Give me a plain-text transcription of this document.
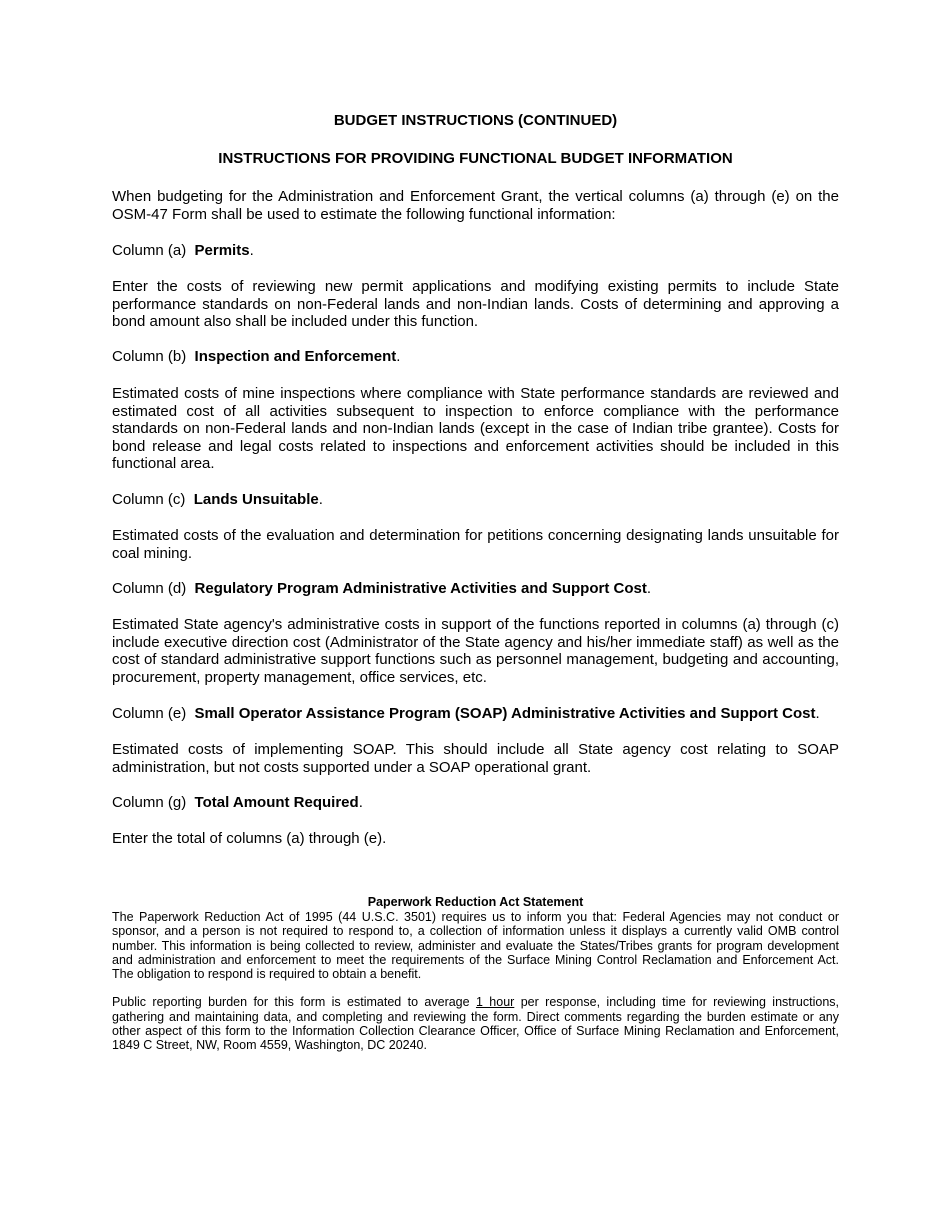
BUDGET INSTRUCTIONS (CONTINUED)

INSTRUCTIONS FOR PROVIDING FUNCTIONAL BUDGET INFORMATION

When budgeting for the Administration and Enforcement Grant, the vertical columns (a) through (e) on the OSM-47 Form shall be used to estimate the following functional information:

Column (a) Permits.

Enter the costs of reviewing new permit applications and modifying existing permits to include State performance standards on non-Federal lands and non-Indian lands. Costs of determining and approving a bond amount also shall be included under this function.

Column (b) Inspection and Enforcement.

Estimated costs of mine inspections where compliance with State performance standards are reviewed and estimated cost of all activities subsequent to inspection to enforce compliance with the performance standards on non-Federal lands and non-Indian lands (except in the case of Indian tribe grantee). Costs for bond release and legal costs related to inspections and enforcement activities should be included in this functional area.

Column (c) Lands Unsuitable.

Estimated costs of the evaluation and determination for petitions concerning designating lands unsuitable for coal mining.

Column (d) Regulatory Program Administrative Activities and Support Cost.

Estimated State agency's administrative costs in support of the functions reported in columns (a) through (c) include executive direction cost (Administrator of the State agency and his/her immediate staff) as well as the cost of standard administrative support functions such as personnel management, budgeting and accounting, procurement, property management, office services, etc.

Column (e) Small Operator Assistance Program (SOAP) Administrative Activities and Support Cost.

Estimated costs of implementing SOAP. This should include all State agency cost relating to SOAP administration, but not costs supported under a SOAP operational grant.

Column (g) Total Amount Required.

Enter the total of columns (a) through (e).

Paperwork Reduction Act Statement

The Paperwork Reduction Act of 1995 (44 U.S.C. 3501) requires us to inform you that: Federal Agencies may not conduct or sponsor, and a person is not required to respond to, a collection of information unless it displays a currently valid OMB control number. This information is being collected to review, administer and evaluate the States/Tribes grants for program development and administration and enforcement to meet the requirements of the Surface Mining Control Reclamation and Enforcement Act. The obligation to respond is required to obtain a benefit.

Public reporting burden for this form is estimated to average 1 hour per response, including time for reviewing instructions, gathering and maintaining data, and completing and reviewing the form. Direct comments regarding the burden estimate or any other aspect of this form to the Information Collection Clearance Officer, Office of Surface Mining Reclamation and Enforcement, 1849 C Street, NW, Room 4559, Washington, DC 20240.
